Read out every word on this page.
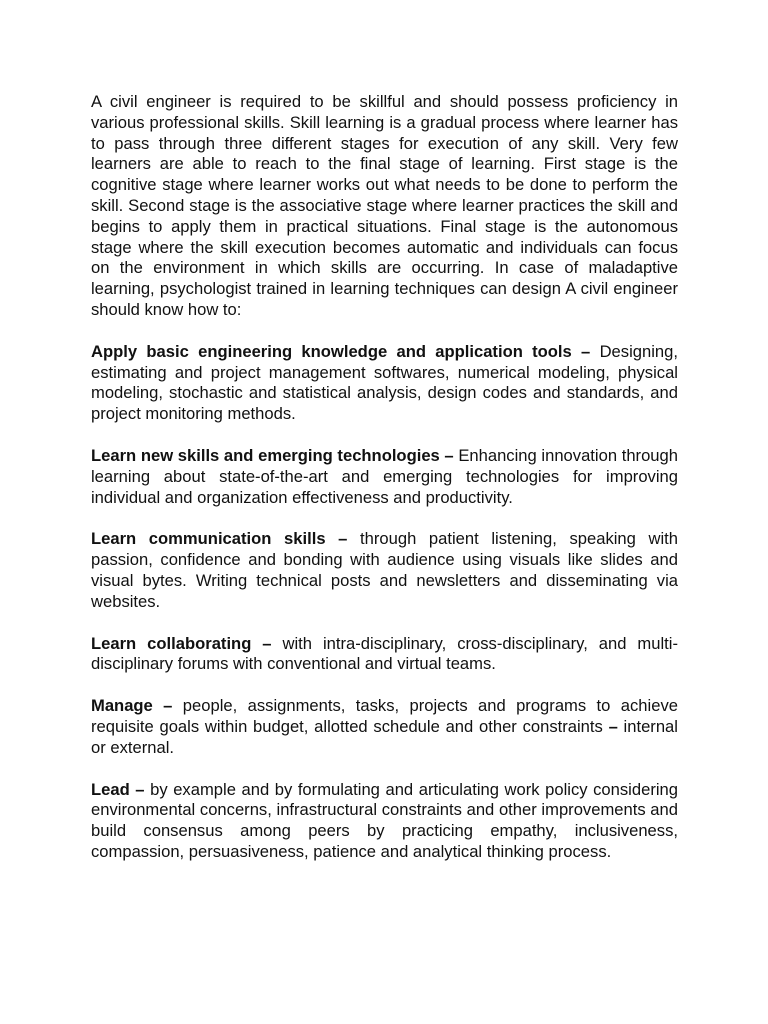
A civil engineer is required to be skillful and should possess proficiency in various professional skills. Skill learning is a gradual process where learner has to pass through three different stages for execution of any skill. Very few learners are able to reach to the final stage of learning. First stage is the cognitive stage where learner works out what needs to be done to perform the skill. Second stage is the associative stage where learner practices the skill and begins to apply them in practical situations. Final stage is the autonomous stage where the skill execution becomes automatic and individuals can focus on the environment in which skills are occurring. In case of maladaptive learning, psychologist trained in learning techniques can design A civil engineer should know how to:

Apply basic engineering knowledge and application tools – Designing, estimating and project management softwares, numerical modeling, physical modeling, stochastic and statistical analysis, design codes and standards, and project monitoring methods.

Learn new skills and emerging technologies – Enhancing innovation through learning about state-of-the-art and emerging technologies for improving individual and organization effectiveness and productivity.

Learn communication skills – through patient listening, speaking with passion, confidence and bonding with audience using visuals like slides and visual bytes. Writing technical posts and newsletters and disseminating via websites.

Learn collaborating – with intra-disciplinary, cross-disciplinary, and multi-disciplinary forums with conventional and virtual teams.

Manage – people, assignments, tasks, projects and programs to achieve requisite goals within budget, allotted schedule and other constraints – internal or external.

Lead – by example and by formulating and articulating work policy considering environmental concerns, infrastructural constraints and other improvements and build consensus among peers by practicing empathy, inclusiveness, compassion, persuasiveness, patience and analytical thinking process.
